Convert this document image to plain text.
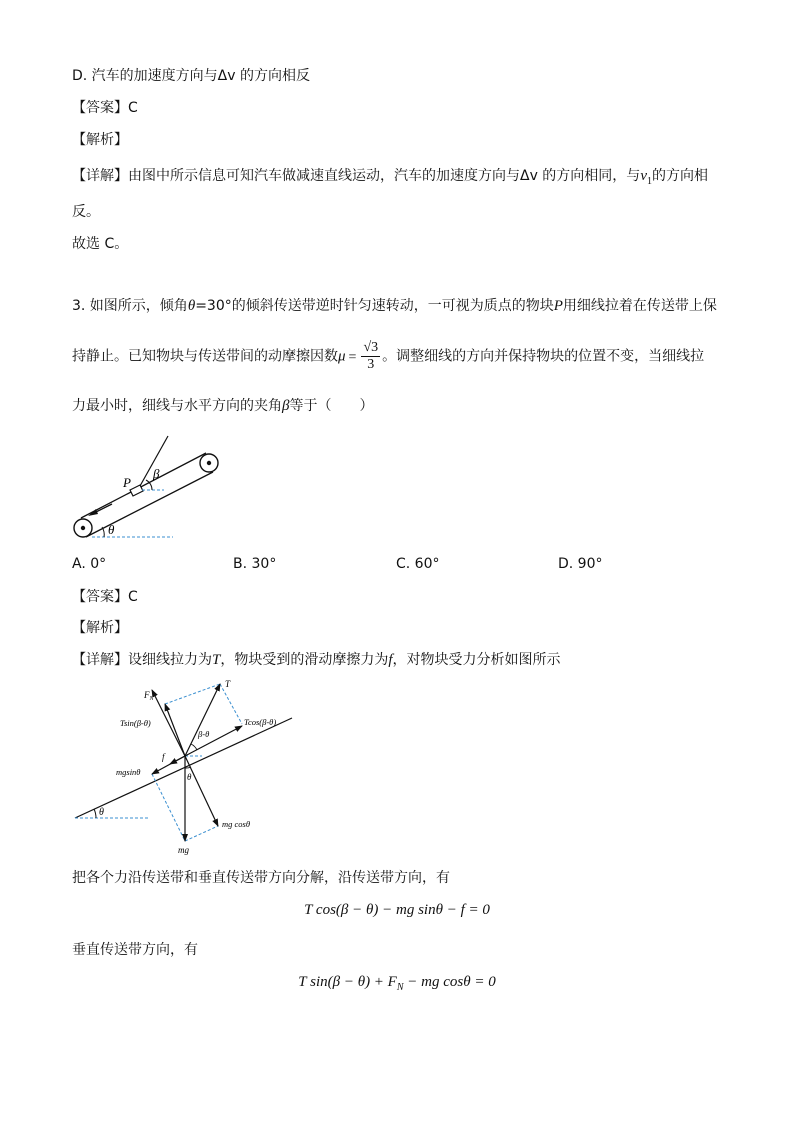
D. 汽车的加速度方向与Δv 的方向相反
【答案】C
【解析】
【详解】由图中所示信息可知汽车做减速直线运动，汽车的加速度方向与Δv 的方向相同，与$v_1$的方向相
反。
故选 C。
3. 如图所示，倾角θ=30°的倾斜传送带逆时针匀速转动，一可视为质点的物块P用细线拉着在传送带上保
持静止。已知物块与传送带间的动摩擦因数$\mu = \frac{√3}{3}$ 。调整细线的方向并保持物块的位置不变，当细线拉
力最小时，细线与水平方向的夹角β等于（　　）
β
P
θ
A. 0°	B. 30°	C. 60°	D. 90°
【答案】C
【解析】
【详解】设细线拉力为T，物块受到的滑动摩擦力为f，对物块受力分析如图所示
θ
$F_N$
T
Tsin(β-θ)	Tcos(β-θ)
β-θ
f
mgsinθ	θ
mg cosθ
mg
把各个力沿传送带和垂直传送带方向分解，沿传送带方向，有
T cos(β − θ) − mg sinθ − f = 0
垂直传送带方向，有
T $\sin(\beta - \theta) + F_N$ − mg cosθ = 0
